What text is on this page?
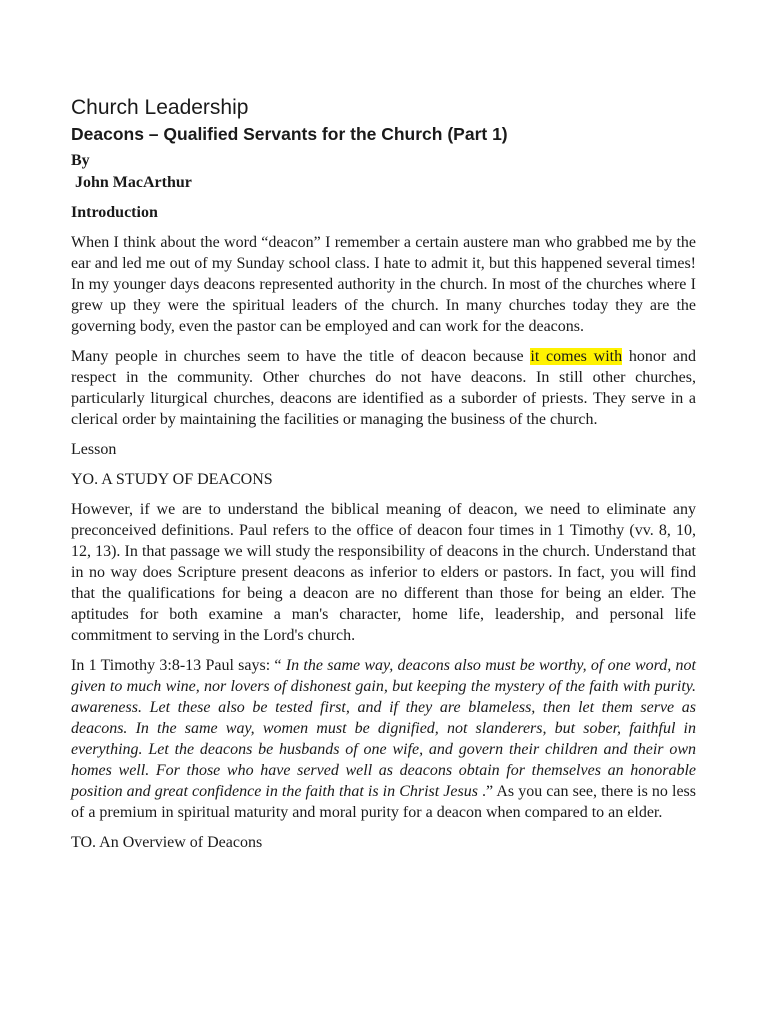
Church Leadership
Deacons – Qualified Servants for the Church (Part 1)
By
John MacArthur
Introduction

When I think about the word “deacon” I remember a certain austere man who grabbed me by the ear and led me out of my Sunday school class. I hate to admit it, but this happened several times! In my younger days deacons represented authority in the church. In most of the churches where I grew up they were the spiritual leaders of the church. In many churches today they are the governing body, even the pastor can be employed and can work for the deacons.

Many people in churches seem to have the title of deacon because it comes with honor and respect in the community. Other churches do not have deacons. In still other churches, particularly liturgical churches, deacons are identified as a suborder of priests. They serve in a clerical order by maintaining the facilities or managing the business of the church.

Lesson

YO. A STUDY OF DEACONS

However, if we are to understand the biblical meaning of deacon, we need to eliminate any preconceived definitions. Paul refers to the office of deacon four times in 1 Timothy (vv. 8, 10, 12, 13). In that passage we will study the responsibility of deacons in the church. Understand that in no way does Scripture present deacons as inferior to elders or pastors. In fact, you will find that the qualifications for being a deacon are no different than those for being an elder. The aptitudes for both examine a man's character, home life, leadership, and personal life commitment to serving in the Lord's church.

In 1 Timothy 3:8-13 Paul says: “ In the same way, deacons also must be worthy, of one word, not given to much wine, nor lovers of dishonest gain, but keeping the mystery of the faith with purity. awareness. Let these also be tested first, and if they are blameless, then let them serve as deacons. In the same way, women must be dignified, not slanderers, but sober, faithful in everything. Let the deacons be husbands of one wife, and govern their children and their own homes well. For those who have served well as deacons obtain for themselves an honorable position and great confidence in the faith that is in Christ Jesus .” As you can see, there is no less of a premium in spiritual maturity and moral purity for a deacon when compared to an elder.

TO. An Overview of Deacons
